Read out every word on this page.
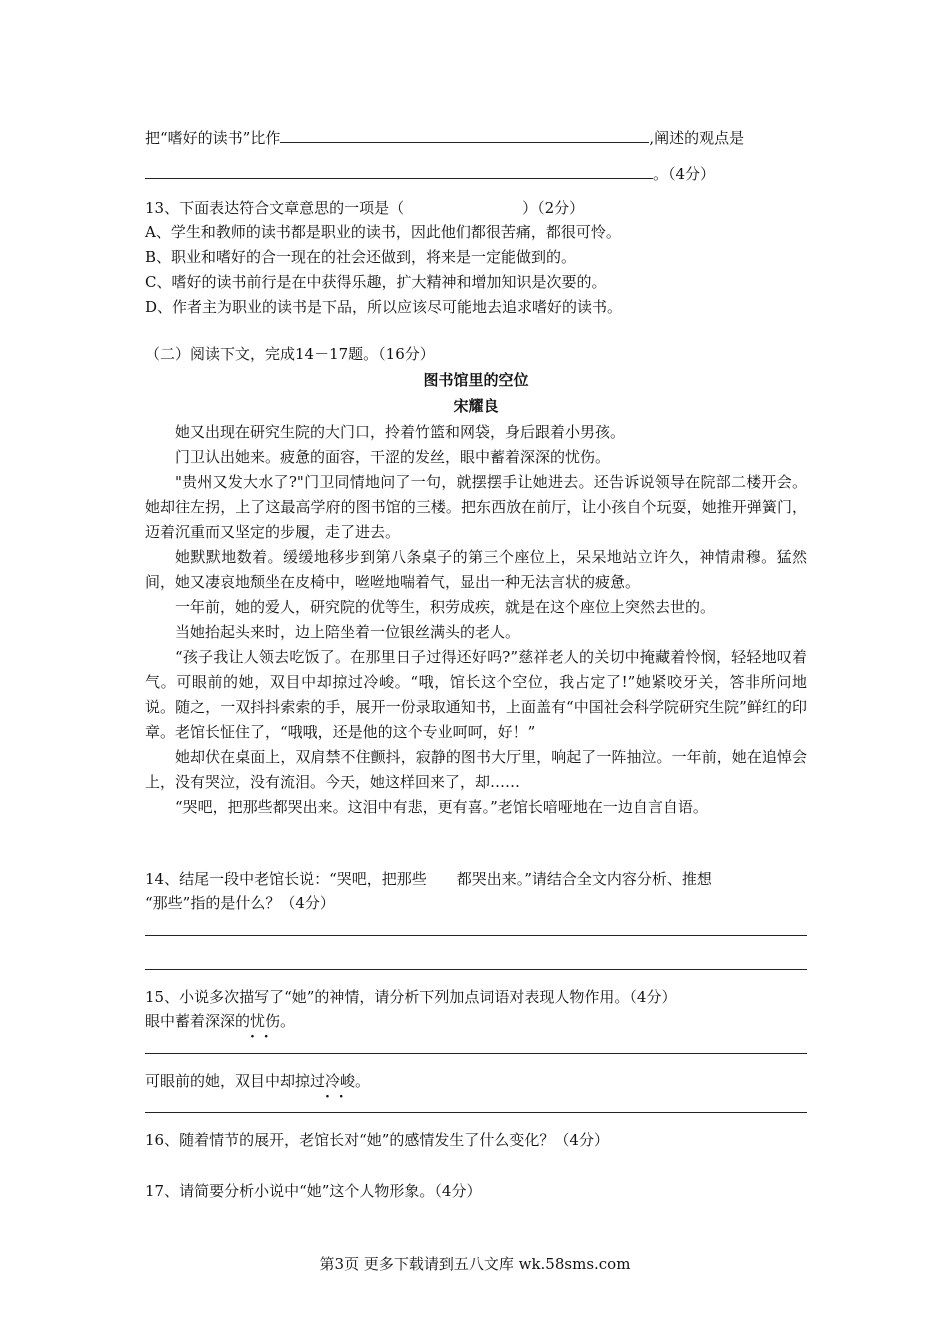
把“嗜好的读书”比作	,阐述的观点是
。（4分）
13、下面表达符合文章意思的一项是（	）（2分）
A、学生和教师的读书都是职业的读书，因此他们都很苦痛，都很可怜。
B、职业和嗜好的合一现在的社会还做到，将来是一定能做到的。
C、嗜好的读书前行是在中获得乐趣，扩大精神和增加知识是次要的。
D、作者主为职业的读书是下品，所以应该尽可能地去追求嗜好的读书。
（二）阅读下文，完成14－17题。（16分）
图书馆里的空位
宋耀良
她又出现在研究生院的大门口，拎着竹篮和网袋，身后跟着小男孩。
门卫认出她来。疲惫的面容，干涩的发丝，眼中蓄着深深的忧伤。
"贵州又发大水了?"门卫同情地问了一句，就摆摆手让她进去。还告诉说领导在院部二楼开会。她却往左拐，上了这最高学府的图书馆的三楼。把东西放在前厅，让小孩自个玩耍，她推开弹簧门，迈着沉重而又坚定的步履，走了进去。
她默默地数着。缓缓地移步到第八条桌子的第三个座位上，呆呆地站立许久，神情肃穆。猛然间，她又凄哀地颓坐在皮椅中，咝咝地喘着气，显出一种无法言状的疲惫。
一年前，她的爱人，研究院的优等生，积劳成疾，就是在这个座位上突然去世的。
当她抬起头来时，边上陪坐着一位银丝满头的老人。
“孩子我让人领去吃饭了。在那里日子过得还好吗?”慈祥老人的关切中掩藏着怜悯，轻轻地叹着气。可眼前的她，双目中却掠过冷峻。“哦，馆长这个空位，我占定了!”她紧咬牙关，答非所问地说。随之，一双抖抖索索的手，展开一份录取通知书，上面盖有“中国社会科学院研究生院”鲜红的印章。老馆长怔住了，“哦哦，还是他的这个专业呵呵，好！”
她却伏在桌面上，双肩禁不住颤抖，寂静的图书大厅里，响起了一阵抽泣。一年前，她在追悼会上，没有哭泣，没有流泪。今天，她这样回来了，却……
“哭吧，把那些都哭出来。这泪中有悲，更有喜。”老馆长喑哑地在一边自言自语。
14、结尾一段中老馆长说：“哭吧，把那些 都哭出来。”请结合全文内容分析、推想
“那些”指的是什么？（4分）
15、小说多次描写了“她”的神情，请分析下列加点词语对表现人物作用。（4分）
眼中蓄着深深的忧伤 · ·。
可眼前的她，双目中却掠过冷峻 · ·。
16、随着情节的展开，老馆长对“她”的感情发生了什么变化？（4分）
17、请简要分析小说中“她”这个人物形象。（4分）
第3页 更多下载请到五八文库 wk.58sms.com
